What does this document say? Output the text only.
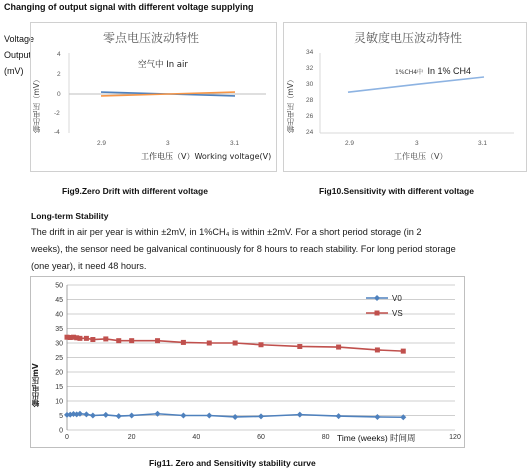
Changing of output signal with different voltage supplying
Voltage
Output
(mV)
零点电压波动特性
空气中 In air
输出电压（mV）
4
2
0
-2
-4
2.9	3	3.1
工作电压（V）Working voltage(V)
灵敏度电压波动特性
1%CH4中 In 1% CH4
输出电压（mV）
34
32
30
28
26
24
2.9	3	3.1
工作电压（V）
Fig9.Zero Drift with different voltage	Fig10.Sensitivity with different voltage
Long-term Stability
The drift in air per year is within ±2mV, in 1%CH₄ is within ±2mV. For a short period storage (in 2
weeks), the sensor need be galvanical continuously for 8 hours to reach stability. For long period storage
(one year), it need 48 hours.
输出电压mV
0
5
10
15
20
25
30
35
40
45
50
0	20	40	60	80	120
V0
VS
Time (weeks) 时间周
Fig11. Zero and Sensitivity stability curve
